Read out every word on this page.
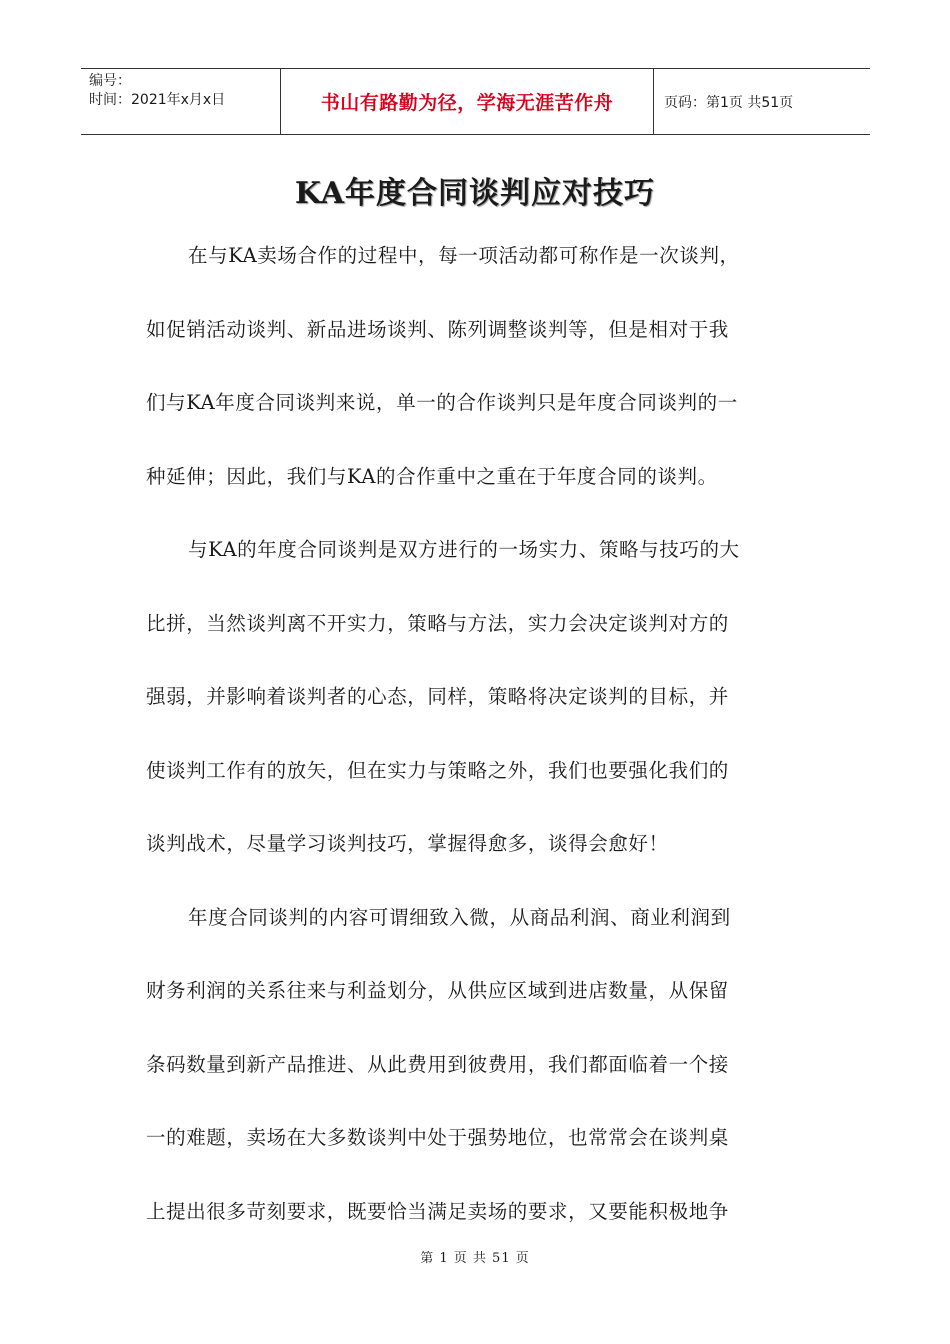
编号：
时间：2021年x月x日	书山有路勤为径，学海无涯苦作舟	页码：第1页 共51页
KA年度合同谈判应对技巧
在与KA卖场合作的过程中，每一项活动都可称作是一次谈判，
如促销活动谈判、新品进场谈判、陈列调整谈判等，但是相对于我
们与KA年度合同谈判来说，单一的合作谈判只是年度合同谈判的一
种延伸；因此，我们与KA的合作重中之重在于年度合同的谈判。
与KA的年度合同谈判是双方进行的一场实力、策略与技巧的大
比拼，当然谈判离不开实力，策略与方法，实力会决定谈判对方的
强弱，并影响着谈判者的心态，同样，策略将决定谈判的目标，并
使谈判工作有的放矢，但在实力与策略之外，我们也要强化我们的
谈判战术，尽量学习谈判技巧，掌握得愈多，谈得会愈好！
年度合同谈判的内容可谓细致入微，从商品利润、商业利润到
财务利润的关系往来与利益划分，从供应区域到进店数量，从保留
条码数量到新产品推进、从此费用到彼费用，我们都面临着一个接
一的难题，卖场在大多数谈判中处于强势地位，也常常会在谈判桌
上提出很多苛刻要求，既要恰当满足卖场的要求，又要能积极地争
第 1 页 共 51 页
